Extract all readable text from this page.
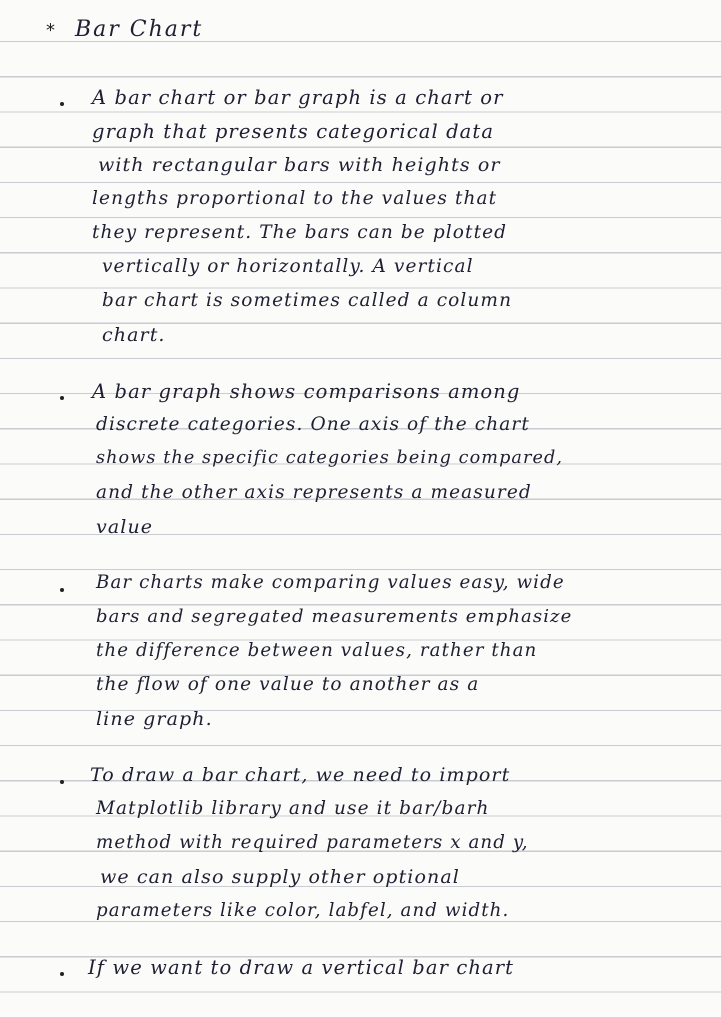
* Bar Chart
A bar chart or bar graph is a chart or
graph that presents categorical data
with rectangular bars with heights or
lengths proportional to the values that
they represent. The bars can be plotted
vertically or horizontally. A vertical
bar chart is sometimes called a column
chart.
A bar graph shows comparisons among
discrete categories. One axis of the chart
shows the specific categories being compared,
and the other axis represents a measured
value
Bar charts make comparing values easy, wide
bars and segregated measurements emphasize
the difference between values, rather than
the flow of one value to another as a
line graph.
To draw a bar chart, we need to import
Matplotlib library and use it bar/barh
method with required parameters x and y,
we can also supply other optional
parameters like color, labfel, and width.
If we want to draw a vertical bar chart
